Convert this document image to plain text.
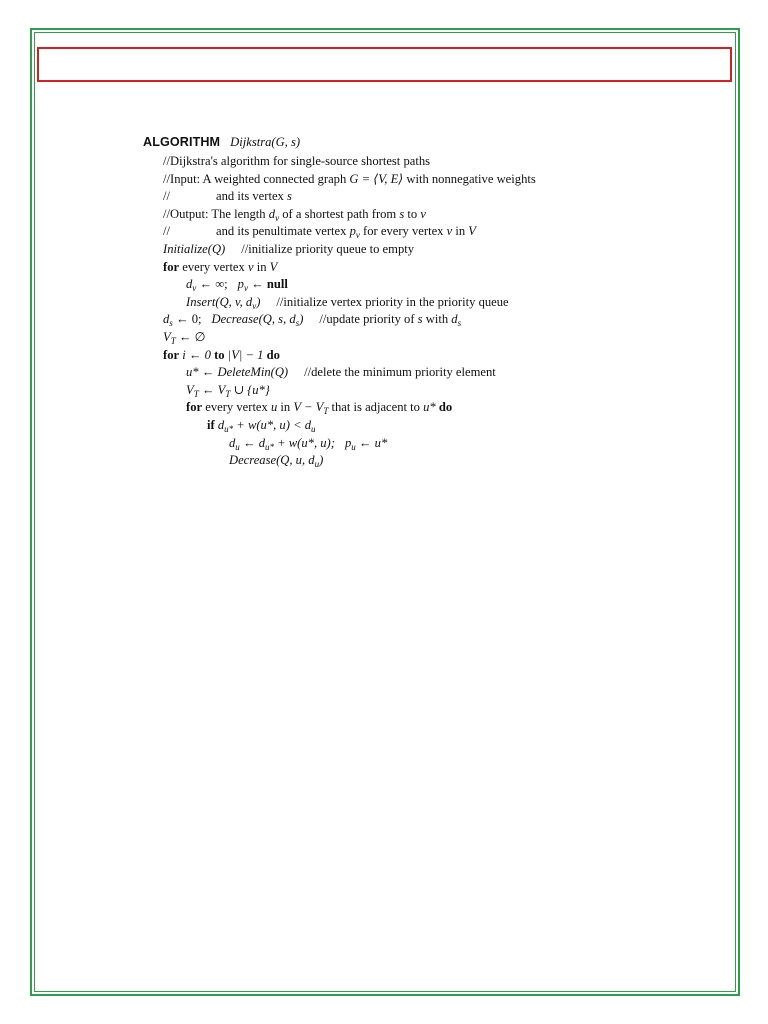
ALGORITHM Dijkstra(G, s)
//Dijkstra's algorithm for single-source shortest paths
//Input: A weighted connected graph G = ⟨V, E⟩ with nonnegative weights
//	and its vertex s
//Output: The length $d_v$ of a shortest path from s to v
//	and its penultimate vertex $p_v$ for every vertex v in V
Initialize(Q) //initialize priority queue to empty
for every vertex v in V
$d_v$ ← ∞; $p_v$ ← null
Insert(Q, v, $d_v$) //initialize vertex priority in the priority queue
$d_s$ ← 0; Decrease(Q, s, $d_s$) //update priority of s with $d_s$
$V_T$ ← ∅
for i ← 0 to |V| − 1 do
u* ← DeleteMin(Q) //delete the minimum priority element
$V_T$ ← $V_T$ ∪ {u*}
for every vertex u in $V - V_T$ that is adjacent to u* do
if $d_{u*} + w(u*$, $u) < d_u$
$d_u$ ← $d_{u*} + w(u*$, u); $p_u$ ← u*
Decrease(Q, u, $d_u$)
